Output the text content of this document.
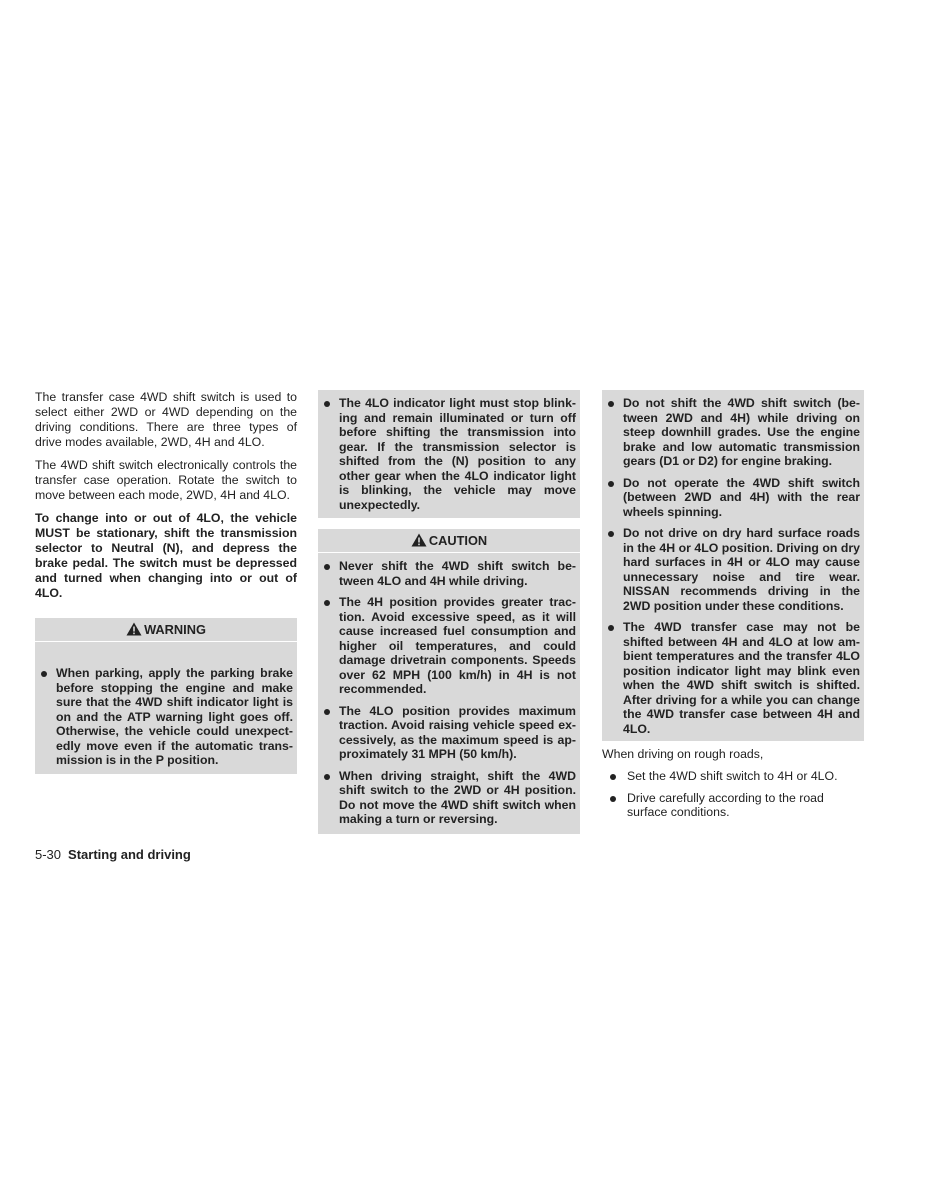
The transfer case 4WD shift switch is used to select either 2WD or 4WD depending on the driving conditions. There are three types of drive modes available, 2WD, 4H and 4LO.

The 4WD shift switch electronically controls the transfer case operation. Rotate the switch to move between each mode, 2WD, 4H and 4LO.

To change into or out of 4LO, the vehicle MUST be stationary, shift the transmission selector to Neutral (N), and depress the brake pedal. The switch must be depressed and turned when changing into or out of 4LO.

WARNING
When parking, apply the parking brake before stopping the engine and make sure that the 4WD shift indicator light is on and the ATP warning light goes off. Otherwise, the vehicle could unexpect-edly move even if the automatic trans-mission is in the P position.
The 4LO indicator light must stop blink-ing and remain illuminated or turn off before shifting the transmission into gear. If the transmission selector is shifted from the (N) position to any other gear when the 4LO indicator light is blinking, the vehicle may move unexpectedly.
CAUTION
Never shift the 4WD shift switch be-tween 4LO and 4H while driving.
The 4H position provides greater trac-tion. Avoid excessive speed, as it will cause increased fuel consumption and higher oil temperatures, and could damage drivetrain components. Speeds over 62 MPH (100 km/h) in 4H is not recommended.
The 4LO position provides maximum traction. Avoid raising vehicle speed ex-cessively, as the maximum speed is ap-proximately 31 MPH (50 km/h).
When driving straight, shift the 4WD shift switch to the 2WD or 4H position. Do not move the 4WD shift switch when making a turn or reversing.
Do not shift the 4WD shift switch (be-tween 2WD and 4H) while driving on steep downhill grades. Use the engine brake and low automatic transmission gears (D1 or D2) for engine braking.
Do not operate the 4WD shift switch (between 2WD and 4H) with the rear wheels spinning.
Do not drive on dry hard surface roads in the 4H or 4LO position. Driving on dry hard surfaces in 4H or 4LO may cause unnecessary noise and tire wear. NISSAN recommends driving in the 2WD position under these conditions.
The 4WD transfer case may not be shifted between 4H and 4LO at low am-bient temperatures and the transfer 4LO position indicator light may blink even when the 4WD shift switch is shifted. After driving for a while you can change the 4WD transfer case between 4H and 4LO.

When driving on rough roads,

Set the 4WD shift switch to 4H or 4LO.
Drive carefully according to the road surface conditions.
5-30 Starting and driving
